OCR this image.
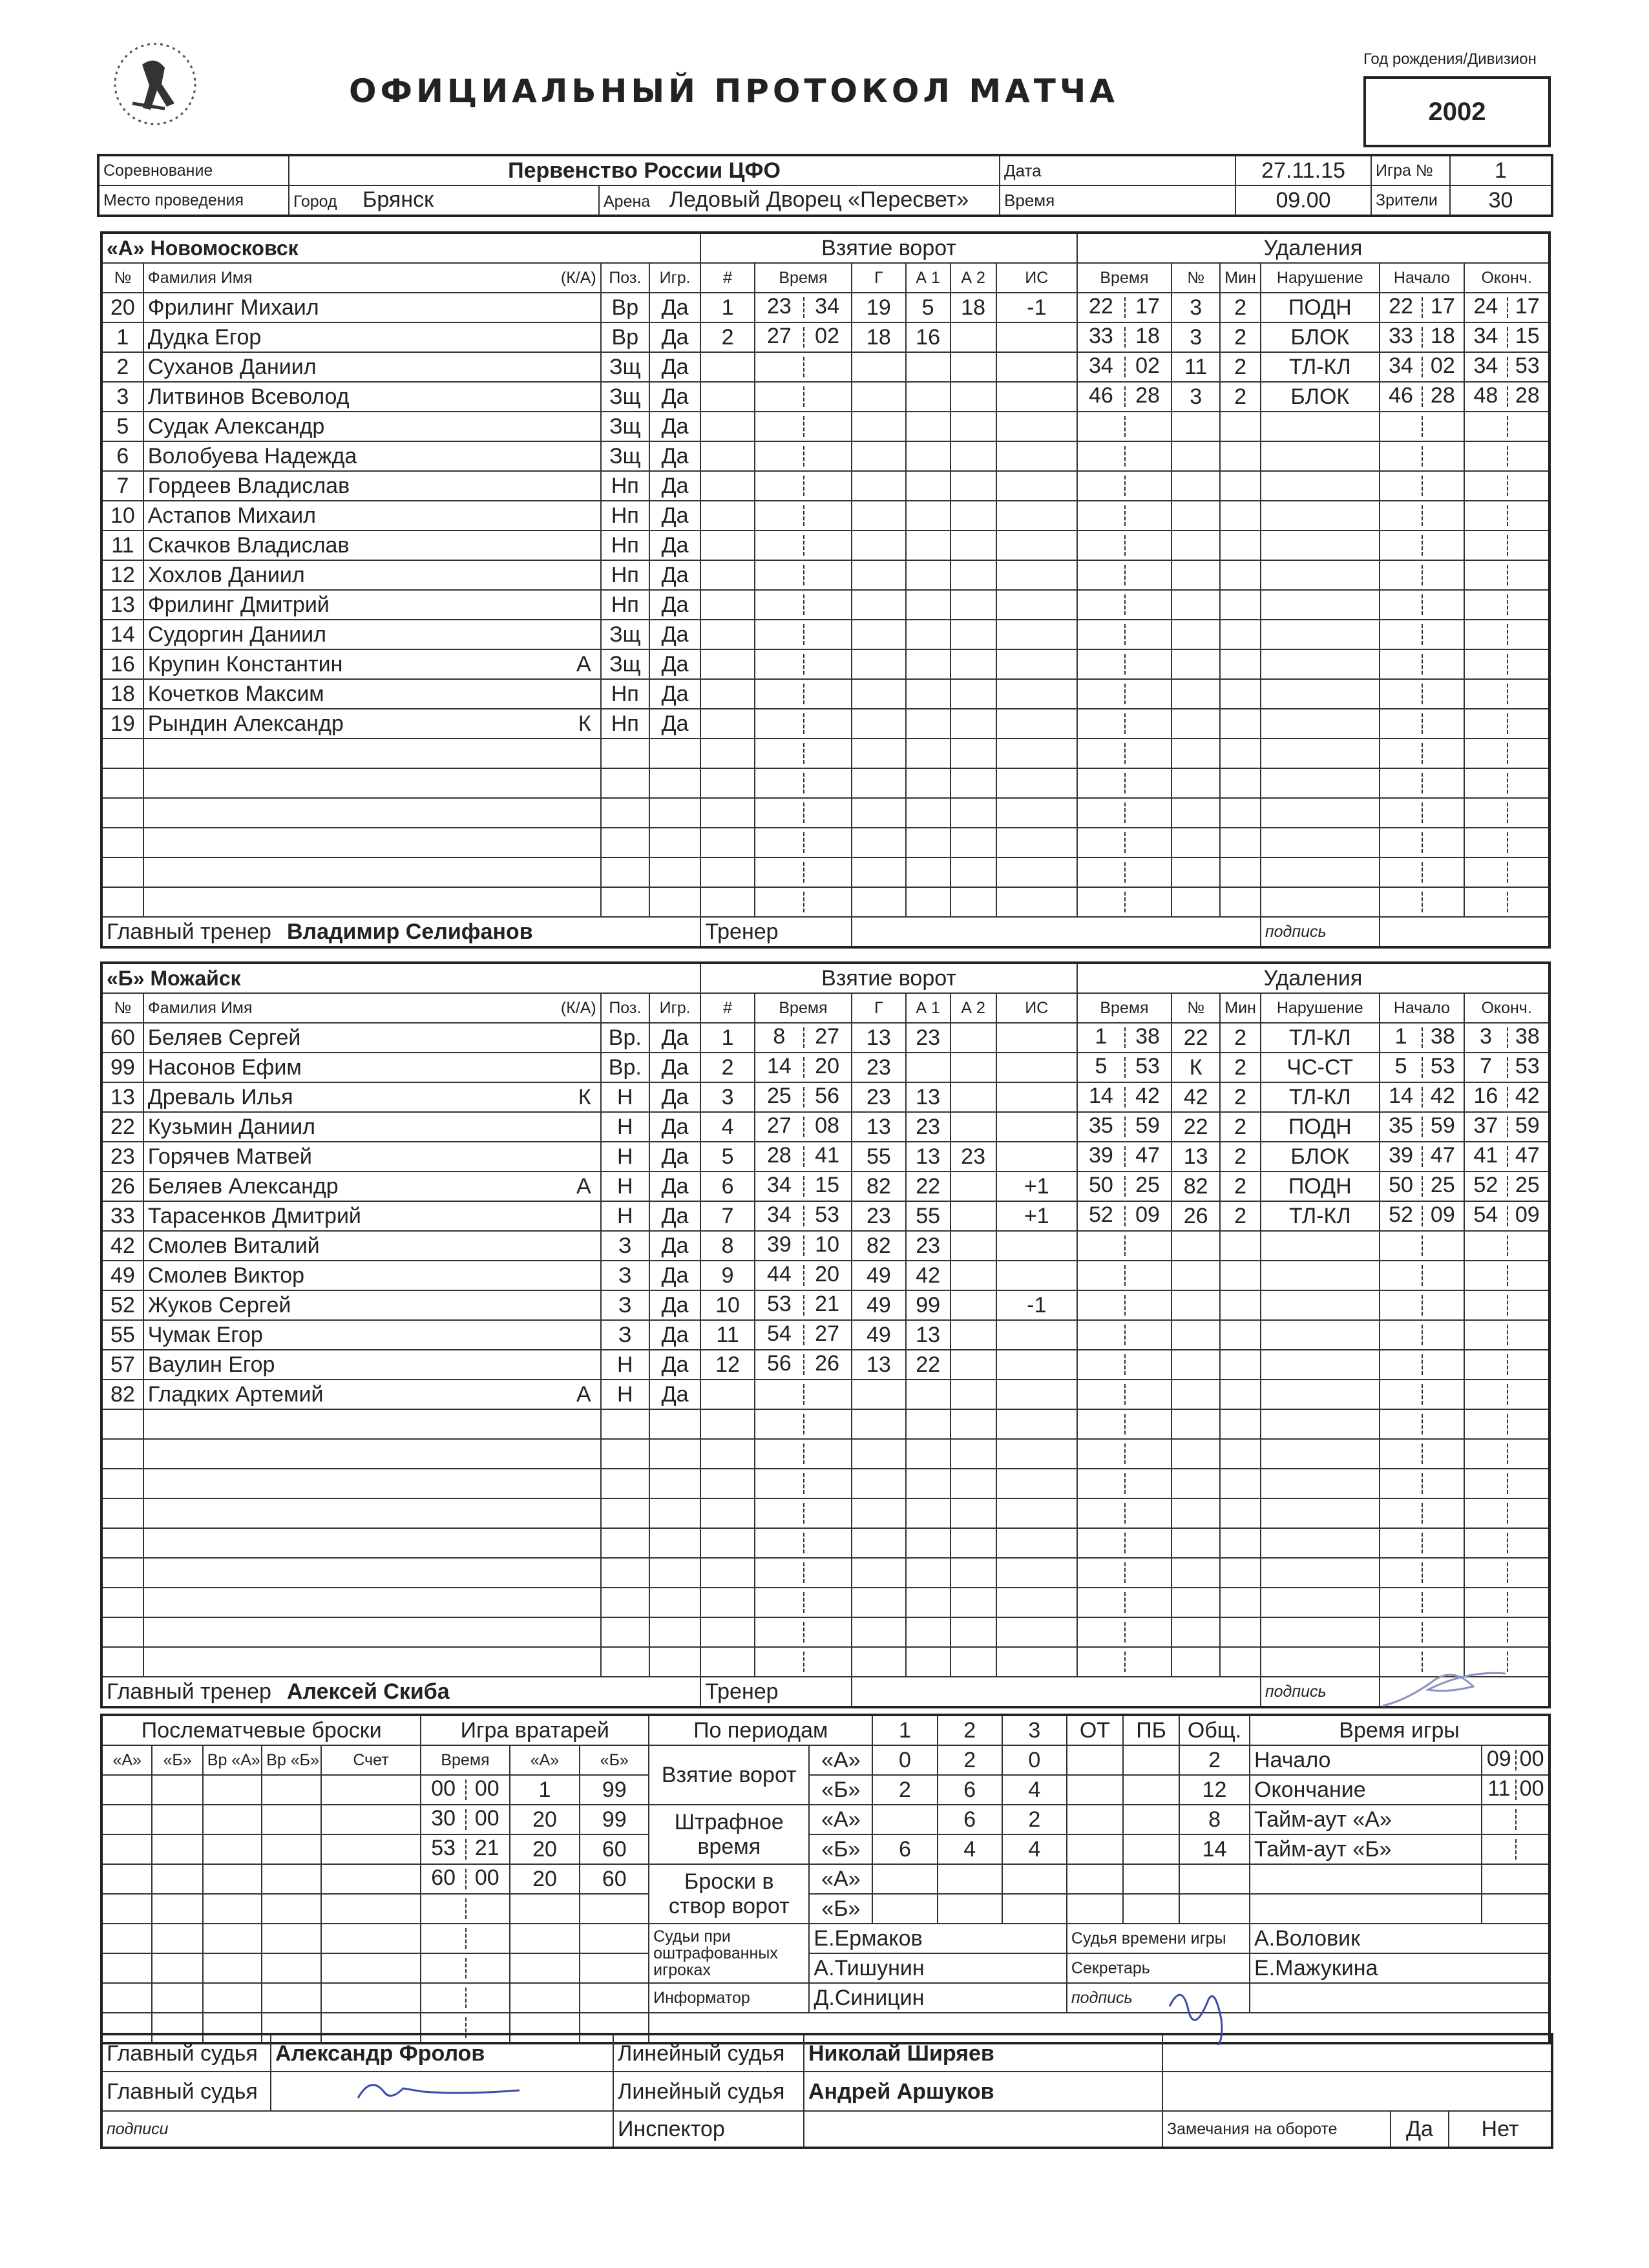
ОФИЦИАЛЬНЫЙ ПРОТОКОЛ МАТЧА
Год рождения/Дивизион
2002
Соревнование	Первенство России ЦФО		Дата	27.11.15	Игра №	1
Место проведения	Город Брянск	Арена Ледовый Дворец «Пересвет»	Время	09.00	Зрители	30
«А» Новомосковск				Взятие ворот						Удаления					
№	Фамилия Имя (К/А)	Поз.	Игр.	#	Время	Г	А 1	А 2	ИС	Время	№	Мин	Нарушение	Начало	Оконч.
20	Фрилинг Михаил	Вр	Да	1	23 34	19	5	18	-1	22 17	3	2	ПОДН	22 17	24 17

1	Дудка Егор	Вр	Да	2	27 02	18	16			33 18	3	2	БЛОК	33 18	34 15

2	Суханов Даниил	Зщ	Да							34 02	11	2	ТЛ-КЛ	34 02	34 53

3	Литвинов Всеволод	Зщ	Да							46 28	3	2	БЛОК	46 28	48 28

5	Судак Александр	Зщ	Да		

6	Волобуева Надежда	Зщ	Да		

7	Гордеев Владислав	Нп	Да		

10	Астапов Михаил	Нп	Да		

11	Скачков Владислав	Нп	Да		

12	Хохлов Даниил	Нп	Да		

13	Фрилинг Дмитрий	Нп	Да		

14	Судоргин Даниил	Зщ	Да		

16	Крупин Константин А	Зщ	Да		

18	Кочетков Максим	Нп	Да		

19	Рындин Александр К	Нп	Да		

Главный тренер Владимир Селифанов				Тренер									подпись		
«Б» Можайск				Взятие ворот						Удаления					
№	Фамилия Имя (К/А)	Поз.	Игр.	#	Время	Г	А 1	А 2	ИС	Время	№	Мин	Нарушение	Начало	Оконч.
60	Беляев Сергей	Вр.	Да	1	8 27	13	23			1 38	22	2	ТЛ-КЛ	1 38	3 38

99	Насонов Ефим	Вр.	Да	2	14 20	23				5 53	К	2	ЧС-СТ	5 53	7 53

13	Древаль Илья К	Н	Да	3	25 56	23	13			14 42	42	2	ТЛ-КЛ	14 42	16 42

22	Кузьмин Даниил	Н	Да	4	27 08	13	23			35 59	22	2	ПОДН	35 59	37 59

23	Горячев Матвей	Н	Да	5	28 41	55	13	23		39 47	13	2	БЛОК	39 47	41 47

26	Беляев Александр А	Н	Да	6	34 15	82	22		+1	50 25	82	2	ПОДН	50 25	52 25

33	Тарасенков Дмитрий	Н	Да	7	34 53	23	55		+1	52 09	26	2	ТЛ-КЛ	52 09	54 09

42	Смолев Виталий	З	Да	8	39 10	82	23			

49	Смолев Виктор	З	Да	9	44 20	49	42			

52	Жуков Сергей	З	Да	10	53 21	49	99		-1	

55	Чумак Егор	З	Да	11	54 27	49	13			

57	Ваулин Егор	Н	Да	12	56 26	13	22			

82	Гладких Артемий А	Н	Да		

Главный тренер Алексей Скиба				Тренер									подпись		
Послематчевые броски					Игра вратарей			По периодам		1	2	3	ОТ	ПБ	Общ.	Время игры	
«А»	«Б»	Вр «А»	Вр «Б»	Счет	Время	«А»	«Б»	Взятие ворот	«А»	0	2	0			2	Начало	09 00

					00 00	1	99		«Б»	2	6	4			12	Окончание	11 00

					30 00	20	99	Штрафное время	«А»		6	2			8	Тайм-аут «А»	

					53 21	20	60		«Б»	6	4	4			14	Тайм-аут «Б»	

					60 00	20	60	Броски в створ ворот	«А»								

				«Б»								

			Судьи при оштрафованных игроках	Е.Ермаков				Судья времени игры			А.Воловик	

				А.Тишунин				Секретарь			Е.Мажукина	

			Информатор	Д.Синицин				подпись				

Главный судья	Александр Фролов	Линейный судья	Николай Ширяев			
Главный судья		Линейный судья	Андрей Аршуков			
подписи		Инспектор		Замечания на обороте	Да	Нет
